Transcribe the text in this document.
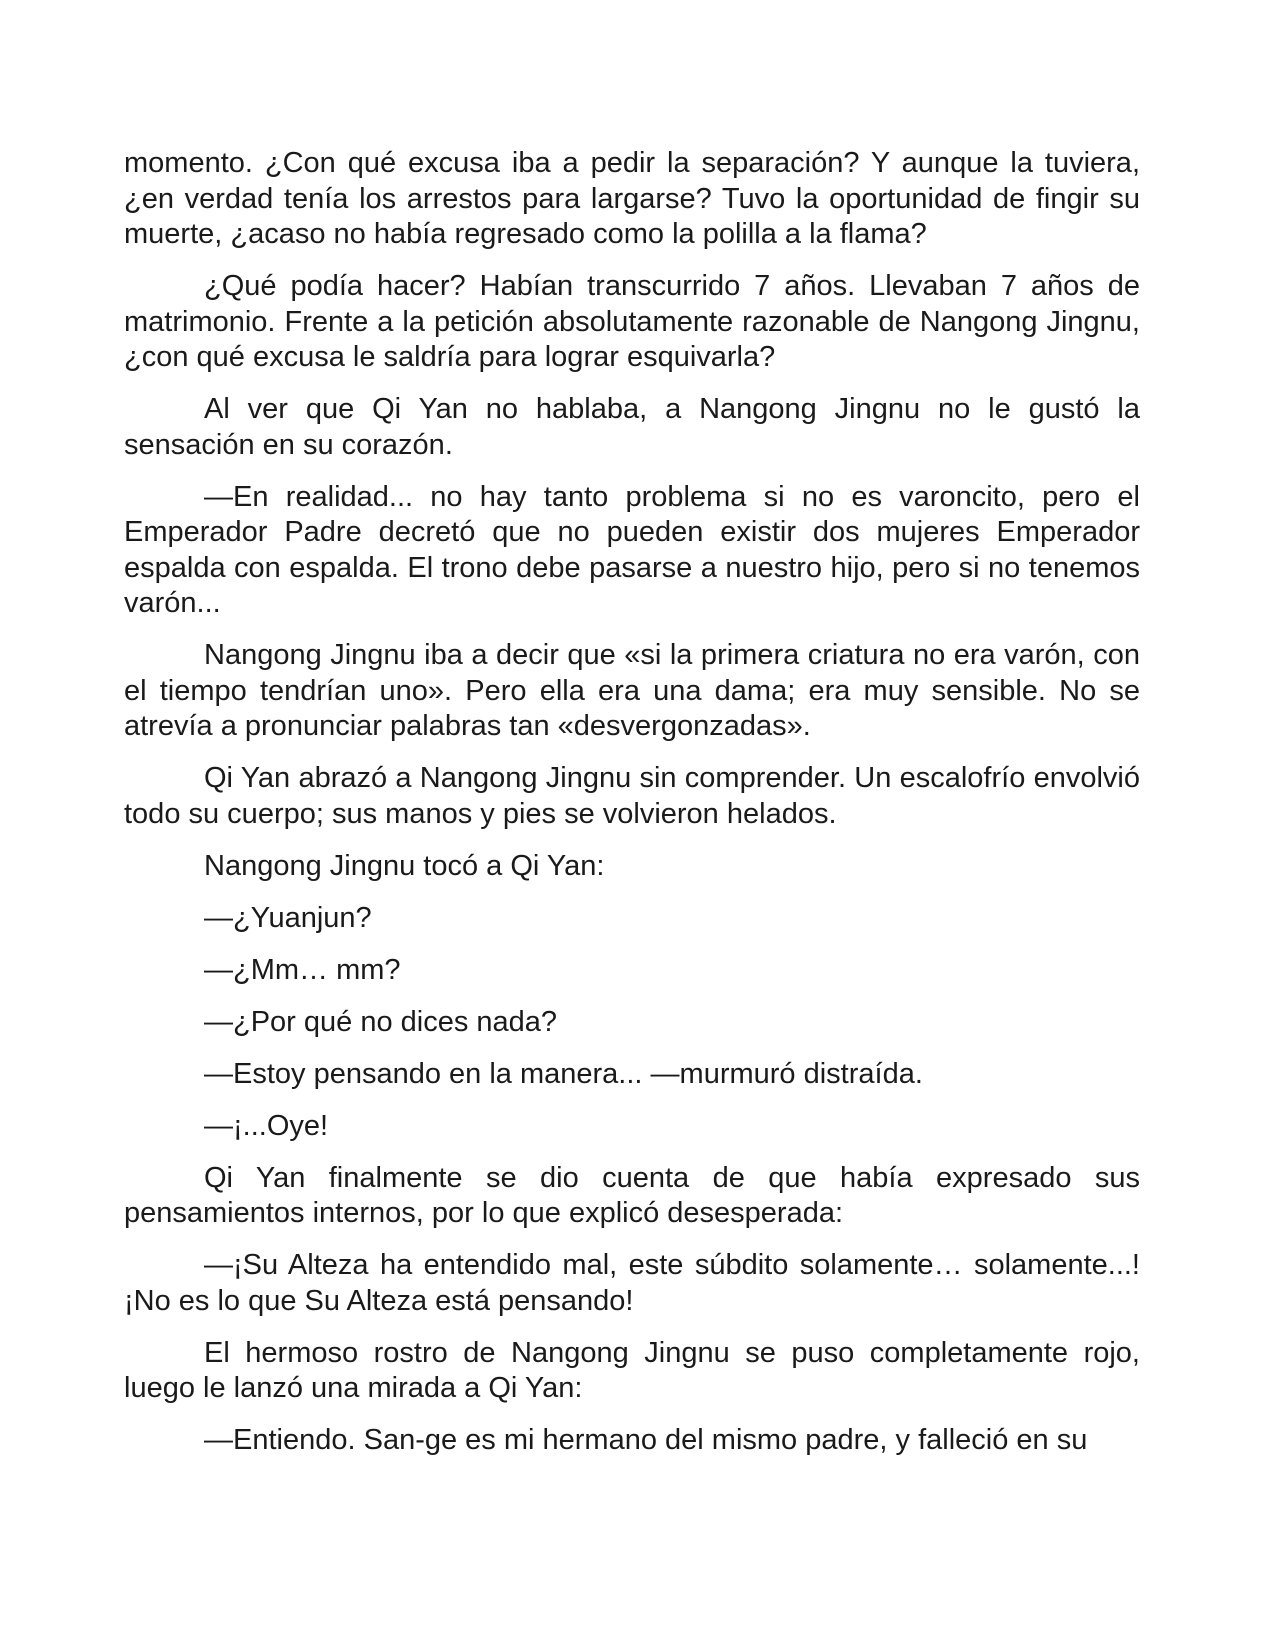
momento. ¿Con qué excusa iba a pedir la separación? Y aunque la tuviera, ¿en verdad tenía los arrestos para largarse? Tuvo la oportunidad de fingir su muerte, ¿acaso no había regresado como la polilla a la flama?

¿Qué podía hacer? Habían transcurrido 7 años. Llevaban 7 años de matrimonio. Frente a la petición absolutamente razonable de Nangong Jingnu, ¿con qué excusa le saldría para lograr esquivarla?

Al ver que Qi Yan no hablaba, a Nangong Jingnu no le gustó la sensación en su corazón.

—En realidad... no hay tanto problema si no es varoncito, pero el Emperador Padre decretó que no pueden existir dos mujeres Emperador espalda con espalda. El trono debe pasarse a nuestro hijo, pero si no tenemos varón...

Nangong Jingnu iba a decir que «si la primera criatura no era varón, con el tiempo tendrían uno». Pero ella era una dama; era muy sensible. No se atrevía a pronunciar palabras tan «desvergonzadas».

Qi Yan abrazó a Nangong Jingnu sin comprender. Un escalofrío envolvió todo su cuerpo; sus manos y pies se volvieron helados.

Nangong Jingnu tocó a Qi Yan:

—¿Yuanjun?

—¿Mm… mm?

—¿Por qué no dices nada?

—Estoy pensando en la manera... —murmuró distraída.

—¡...Oye!

Qi Yan finalmente se dio cuenta de que había expresado sus pensamientos internos, por lo que explicó desesperada:

—¡Su Alteza ha entendido mal, este súbdito solamente… solamente...! ¡No es lo que Su Alteza está pensando!

El hermoso rostro de Nangong Jingnu se puso completamente rojo, luego le lanzó una mirada a Qi Yan:

—Entiendo. San-ge es mi hermano del mismo padre, y falleció en su
